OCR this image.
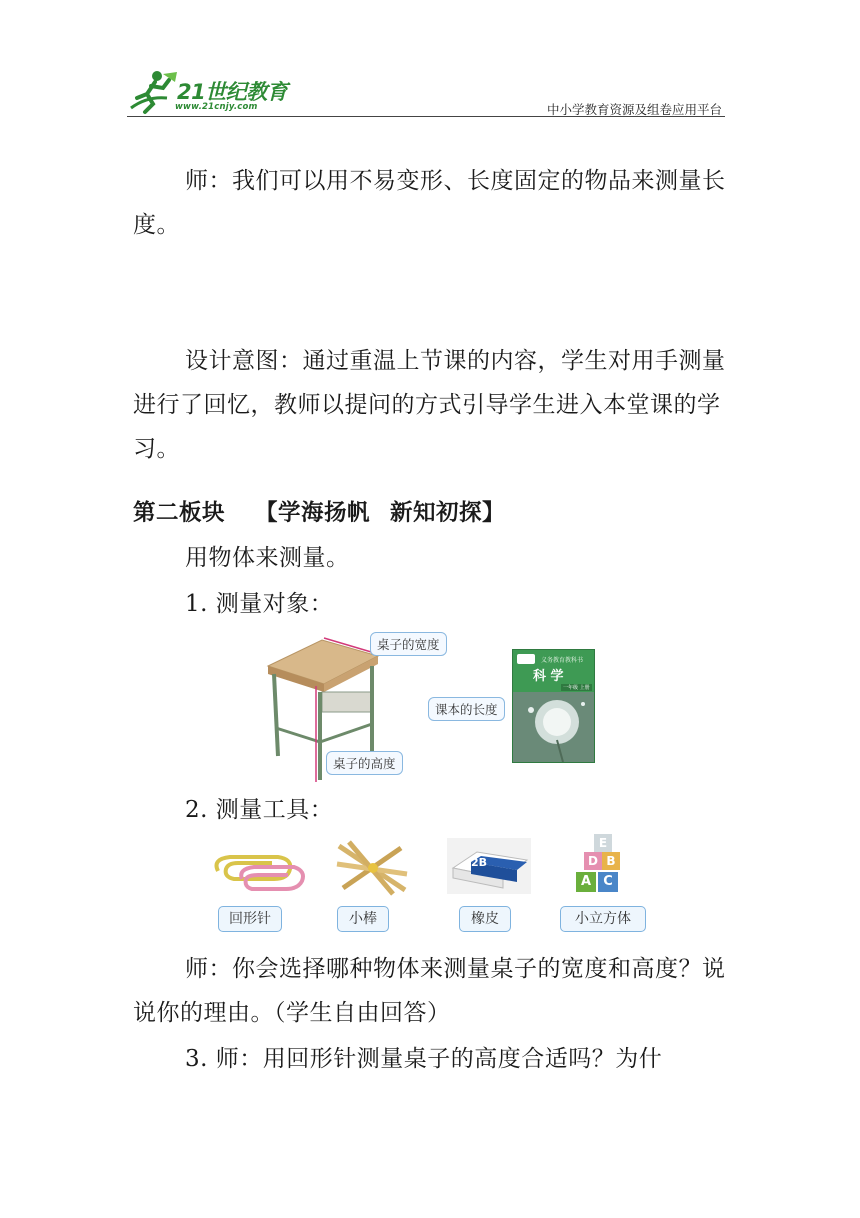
21世纪教育
www.21cnjy.com	中小学教育资源及组卷应用平台

师：我们可以用不易变形、长度固定的物品来测量长度。

设计意图：通过重温上节课的内容，学生对用手测量进行了回忆，教师以提问的方式引导学生进入本堂课的学习。

第二板块 【学海扬帆 新知初探】

用物体来测量。

1. 测量对象：

桌子的宽度
桌子的高度
课本的长度
义务教育教科书
科 学
一年级 上册

2. 测量工具：

2B
E
D B
A C
回形针	小棒	橡皮	小立方体

师：你会选择哪种物体来测量桌子的宽度和高度？说说你的理由。（学生自由回答）

3. 师：用回形针测量桌子的高度合适吗？为什
